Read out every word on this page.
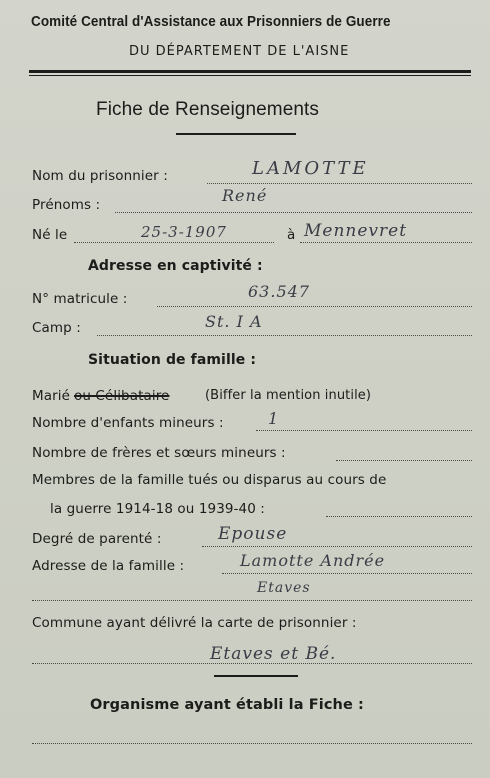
Comité Central d'Assistance aux Prisonniers de Guerre
DU DÉPARTEMENT DE L'AISNE
Fiche de Renseignements
Nom du prisonnier :	LAMOTTE
Prénoms :	René
Né le	25-3-1907	à Mennevret
Adresse en captivité :
N° matricule :	63.547
Camp :	St. I A
Situation de famille :
Marié ou Célibataire	(Biffer la mention inutile)
Nombre d'enfants mineurs :	1
Nombre de frères et sœurs mineurs :
Membres de la famille tués ou disparus au cours de
la guerre 1914-18 ou 1939-40 :
Degré de parenté :	Epouse
Adresse de la famille :	Lamotte Andrée
Etaves
Commune ayant délivré la carte de prisonnier :
Etaves et Bé.
Organisme ayant établi la Fiche :
